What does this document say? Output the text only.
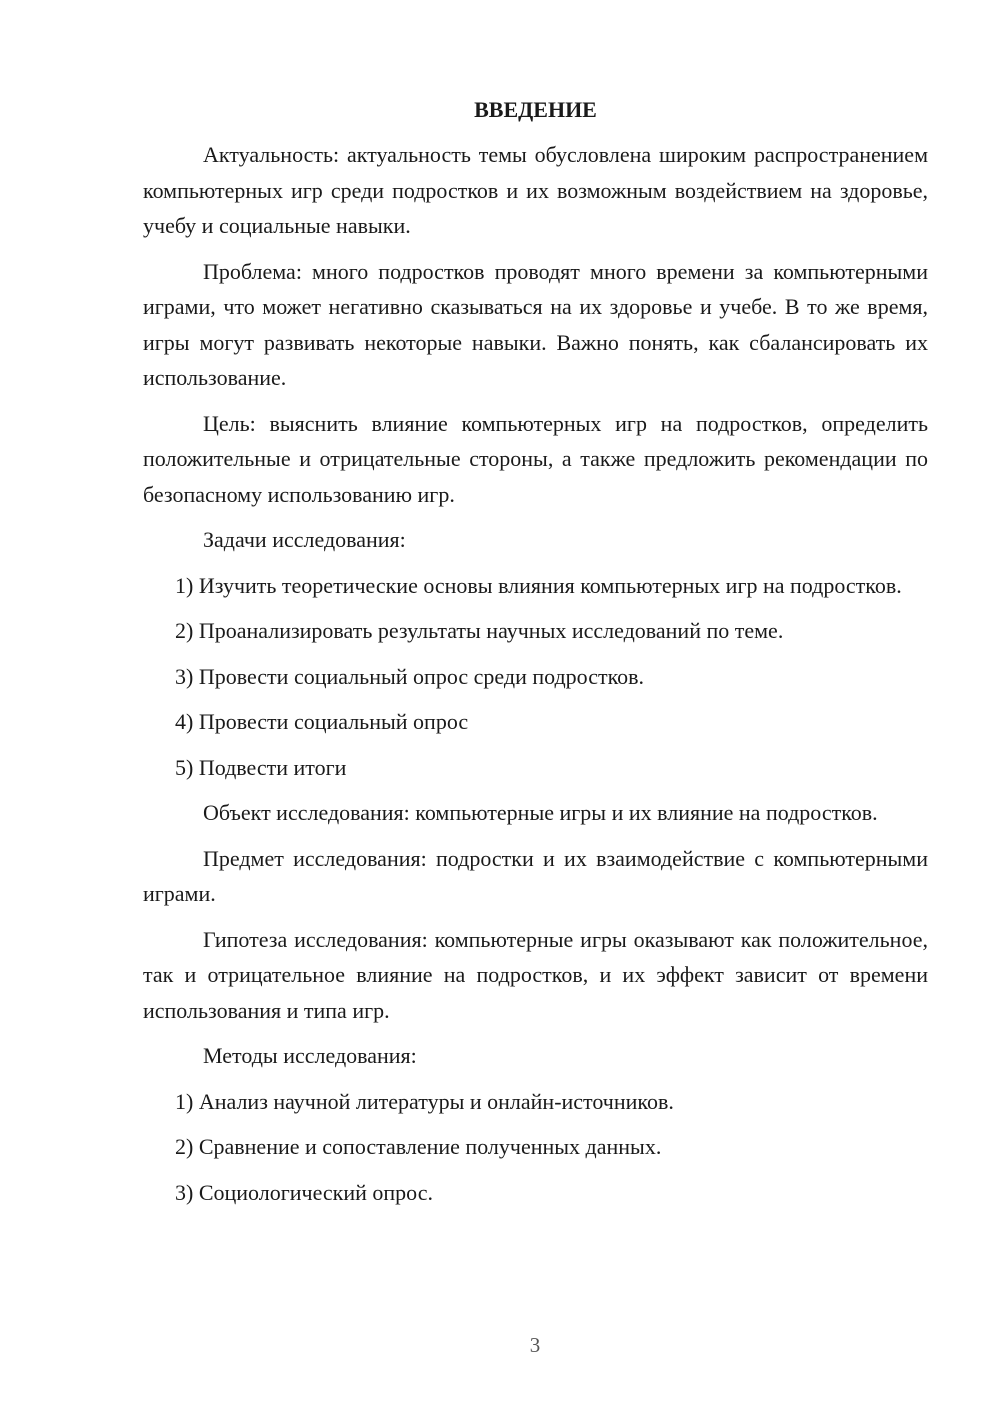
ВВЕДЕНИЕ

Актуальность: актуальность темы обусловлена широким распространением компьютерных игр среди подростков и их возможным воздействием на здоровье, учебу и социальные навыки.

Проблема: много подростков проводят много времени за компьютерными играми, что может негативно сказываться на их здоровье и учебе. В то же время, игры могут развивать некоторые навыки. Важно понять, как сбалансировать их использование.

Цель: выяснить влияние компьютерных игр на подростков, определить положительные и отрицательные стороны, а также предложить рекомендации по безопасному использованию игр.

Задачи исследования:

1) Изучить теоретические основы влияния компьютерных игр на подростков.

2) Проанализировать результаты научных исследований по теме.

3) Провести социальный опрос среди подростков.

4) Провести социальный опрос

5) Подвести итоги

Объект исследования: компьютерные игры и их влияние на подростков.

Предмет исследования: подростки и их взаимодействие с компьютерными играми.

Гипотеза исследования: компьютерные игры оказывают как положительное, так и отрицательное влияние на подростков, и их эффект зависит от времени использования и типа игр.

Методы исследования:

1) Анализ научной литературы и онлайн-источников.

2) Сравнение и сопоставление полученных данных.

3) Социологический опрос.

3
